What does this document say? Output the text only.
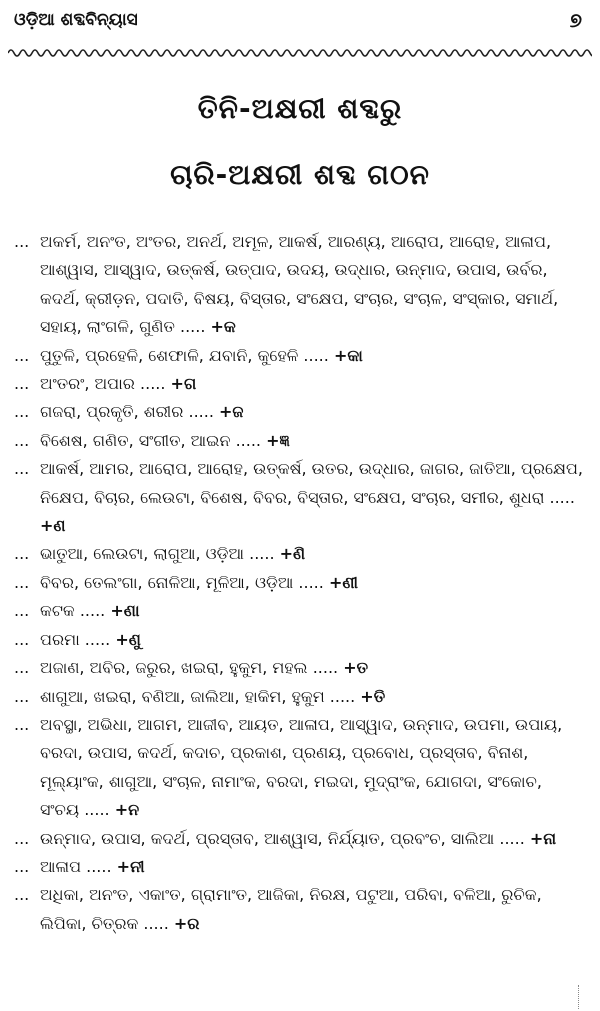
ଓଡ଼ିଆ ଶବ୍ଦବିନ୍ୟାସ	୭
ତିନି-ଅକ୍ଷରୀ ଶବ୍ଦରୁ
ଚାରି-ଅକ୍ଷରୀ ଶବ୍ଦ ଗଠନ
... ଅକର୍ମ, ଅନଂତ, ଅଂତର, ଅନର୍ଥ, ଅମୂଳ, ଆକର୍ଷ, ଆରଣ୍ୟ, ଆରୋପ, ଆରୋହ, ଆଳାପ, ଆଶ୍ୱାସ, ଆସ୍ୱାଦ, ଉତ୍କର୍ଷ, ଉତ୍ପାଦ, ଉଦୟ, ଉଦ୍ଧାର, ଉନ୍ମାଦ, ଉପାସ, ଉର୍ବର, କଦର୍ଥ, କ୍ରୀଡ଼ନ, ପଦାତି, ବିଷୟ, ବିସ୍ତାର, ସଂକ୍ଷେପ, ସଂଚାର, ସଂଚାଳ, ସଂସ୍କାର, ସମାର୍ଥ, ସହାୟ, ଲାଂଗଳି, ଗୁଣିତ ..... +କ
... ପୁତୁଳି, ପ୍ରହେଳି, ଶେଫାଳି, ଯବାନି, କୁହେଳି ..... +କା
... ଅଂତରଂ, ଅପାର ..... +ଗ
... ଗଜରା, ପ୍ରକୃତି, ଶରୀର ..... +ଜ
... ବିଶେଷ, ଗଣିତ, ସଂଗୀତ, ଆଇନ ..... +ଜ୍ଞ
... ଆକର୍ଷ, ଆମର, ଆରୋପ, ଆରୋହ, ଉତ୍କର୍ଷ, ଉତର, ଉଦ୍ଧାର, ଜାଗର, ଜାତିଆ, ପ୍ରକ୍ଷେପ, ନିକ୍ଷେପ, ବିଚାର, ଲେଉଟା, ବିଶେଷ, ବିବର, ବିସ୍ତାର, ସଂକ୍ଷେପ, ସଂଚାର, ସମୀର, ଶୁଧରା ..... +ଣ
... ଭାତୁଆ, ଲେଉଟା, ଲାଗୁଆ, ଓଡ଼ିଆ ..... +ଣି
... ବିବର, ତେଲଂଗା, ନୋଳିଆ, ମୂଳିଆ, ଓଡ଼ିଆ ..... +ଣୀ
... କଟକ ..... +ଣା
... ପରମା ..... +ଣୁ
... ଅଜାଣ, ଅବିର, ଜରୁର, ଖଇରା, ହୁକୁମ, ମହଲ ..... +ତ
... ଶାଗୁଆ, ଖଇରା, ବଣିଆ, ଜାଲିଆ, ହାକିମ, ହୁକୁମ ..... +ତି
... ଅବସ୍ଥା, ଅଭିଧା, ଆଗମ, ଆଜୀବ, ଆୟତ, ଆଳାପ, ଆସ୍ୱାଦ, ଉନ୍ମାଦ, ଉପମା, ଉପାୟ, ବରଦା, ଉପାସ, କଦର୍ଥ, କଦାଚ, ପ୍ରକାଶ, ପ୍ରଣୟ, ପ୍ରବୋଧ, ପ୍ରସ୍ତାବ, ବିନାଶ, ମୂଲ୍ୟାଂକ, ଶାଗୁଆ, ସଂଚାଳ, ନାମାଂକ, ବରଦା, ମଇଦା, ମୁଦ୍ରାଂକ, ଯୋଗଦା, ସଂକୋଚ, ସଂଚୟ ..... +ନ
... ଉନ୍ମାଦ, ଉପାସ, କଦର୍ଥ, ପ୍ରସ୍ତାବ, ଆଶ୍ୱାସ, ନିର୍ଯ୍ୟାତ, ପ୍ରବଂଚ, ସାଲିଆ ..... +ନା
... ଆଳାପ ..... +ନୀ
... ଅଧିକା, ଅନଂତ, ଏକାଂତ, ଗ୍ରାମାଂତ, ଆଜିକା, ନିରକ୍ଷ, ପଟୁଆ, ପରିବା, ବଳିଆ, ରୁଚିକ, ଲିପିକା, ଚିତ୍ରକ ..... +ର
